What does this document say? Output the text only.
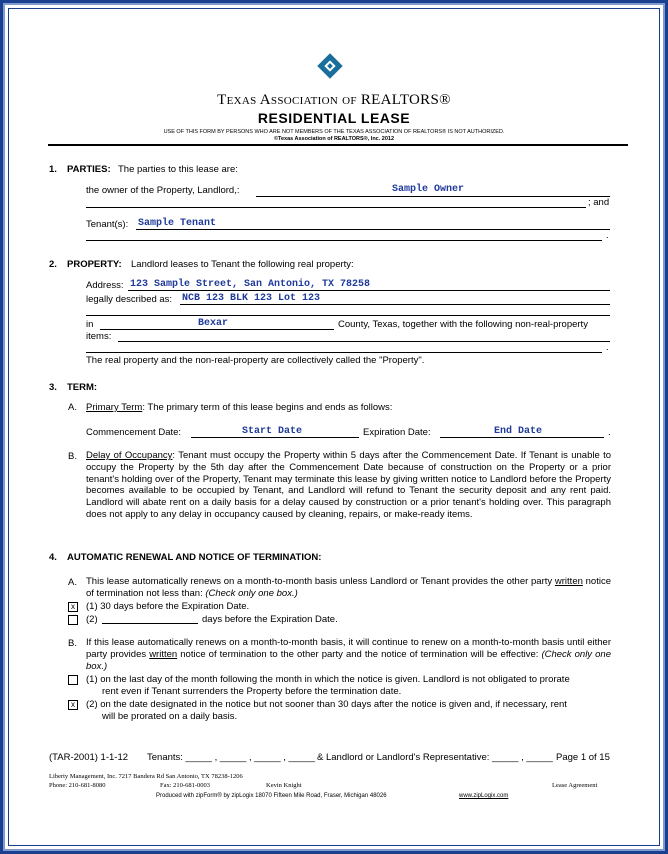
Texas Association of REALTORS®
RESIDENTIAL LEASE
USE OF THIS FORM BY PERSONS WHO ARE NOT MEMBERS OF THE TEXAS ASSOCIATION OF REALTORS® IS NOT AUTHORIZED.
©Texas Association of REALTORS®, Inc. 2012
1. PARTIES: The parties to this lease are:
the owner of the Property, Landlord,:	Sample Owner
; and
Tenant(s): Sample Tenant
.
2. PROPERTY: Landlord leases to Tenant the following real property:
Address: 123 Sample Street, San Antonio, TX 78258
legally described as: NCB 123 BLK 123 Lot 123
in	Bexar	County, Texas, together with the following non-real-property
items:
.
The real property and the non-real-property are collectively called the "Property".
3. TERM:
A. Primary Term: The primary term of this lease begins and ends as follows:
Commencement Date:	Start Date	Expiration Date:	End Date	.
B. Delay of Occupancy: Tenant must occupy the Property within 5 days after the Commencement Date. If Tenant is unable to occupy the Property by the 5th day after the Commencement Date because of construction on the Property or a prior tenant's holding over of the Property, Tenant may terminate this lease by giving written notice to Landlord before the Property becomes available to be occupied by Tenant, and Landlord will refund to Tenant the security deposit and any rent paid. Landlord will abate rent on a daily basis for a delay caused by construction or a prior tenant's holding over. This paragraph does not apply to any delay in occupancy caused by cleaning, repairs, or make-ready items.
4. AUTOMATIC RENEWAL AND NOTICE OF TERMINATION:
A. This lease automatically renews on a month-to-month basis unless Landlord or Tenant provides the other party written notice of termination not less than: (Check only one box.)
x	(1) 30 days before the Expiration Date.
(2)	days before the Expiration Date.
B. If this lease automatically renews on a month-to-month basis, it will continue to renew on a month-to-month basis until either party provides written notice of termination to the other party and the notice of termination will be effective: (Check only one box.)
(1) on the last day of the month following the month in which the notice is given. Landlord is not obligated to prorate
rent even if Tenant surrenders the Property before the termination date.
x	(2) on the date designated in the notice but not sooner than 30 days after the notice is given and, if necessary, rent
will be prorated on a daily basis.
(TAR-2001) 1-1-12 Tenants: _____ , _____ , _____ , _____ & Landlord or Landlord's Representative: _____ , _____ Page 1 of 15
Liberty Management, Inc. 7217 Bandera Rd San Antonio, TX 78238-1206
Phone: 210-681-8080	Fax: 210-681-0003	Kevin Knight	Lease Agreement
Produced with zipForm® by zipLogix 18070 Fifteen Mile Road, Fraser, Michigan 48026	www.zipLogix.com
